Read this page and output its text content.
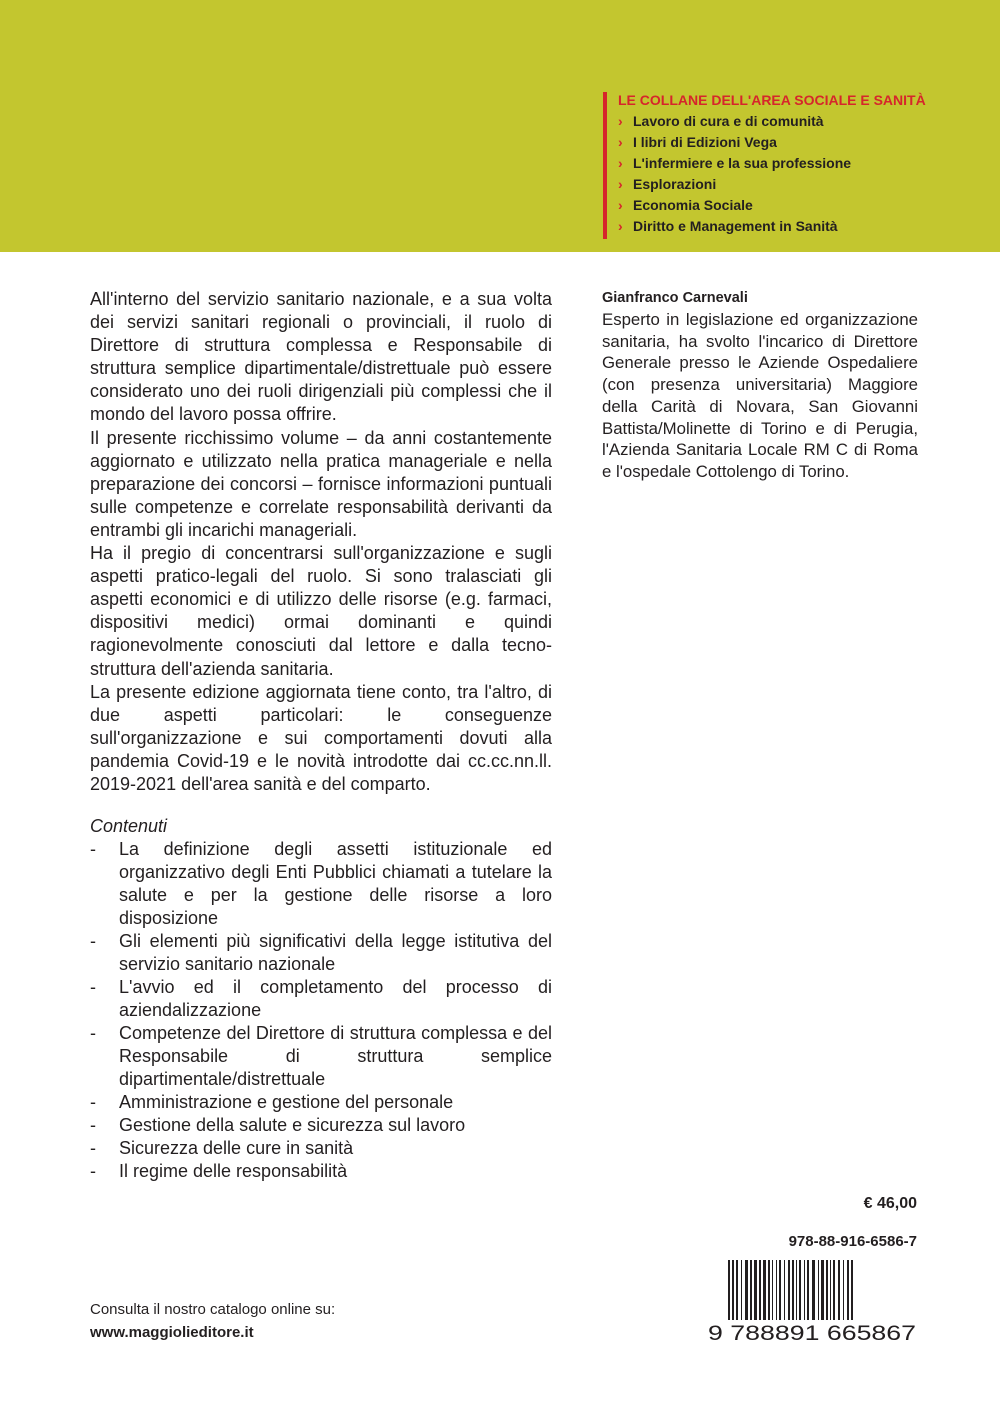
LE COLLANE DELL'AREA SOCIALE E SANITÀ
› Lavoro di cura e di comunità
› I libri di Edizioni Vega
› L'infermiere e la sua professione
› Esplorazioni
› Economia Sociale
› Diritto e Management in Sanità

All'interno del servizio sanitario nazionale, e a sua volta dei servizi sanitari regionali o provinciali, il ruolo di Direttore di struttura complessa e Responsabile di struttura semplice dipartimentale/distrettuale può essere considerato uno dei ruoli dirigenziali più complessi che il mondo del lavoro possa offrire.

Il presente ricchissimo volume – da anni costantemente aggiornato e utilizzato nella pratica manageriale e nella preparazione dei concorsi – fornisce informazioni puntuali sulle competenze e correlate responsabilità derivanti da entrambi gli incarichi manageriali.

Ha il pregio di concentrarsi sull'organizzazione e sugli aspetti pratico-legali del ruolo. Si sono tralasciati gli aspetti economici e di utilizzo delle risorse (e.g. farmaci, dispositivi medici) ormai dominanti e quindi ragionevolmente conosciuti dal lettore e dalla tecno-struttura dell'azienda sanitaria.

La presente edizione aggiornata tiene conto, tra l'altro, di due aspetti particolari: le conseguenze sull'organizzazione e sui comportamenti dovuti alla pandemia Covid-19 e le novità introdotte dai cc.cc.nn.ll. 2019-2021 dell'area sanità e del comparto.

Gianfranco Carnevali
Esperto in legislazione ed organizzazione sanitaria, ha svolto l'incarico di Direttore Generale presso le Aziende Ospedaliere (con presenza universitaria) Maggiore della Carità di Novara, San Giovanni Battista/Molinette di Torino e di Perugia, l'Azienda Sanitaria Locale RM C di Roma e l'ospedale Cottolengo di Torino.
Contenuti
- La definizione degli assetti istituzionale ed organizzativo degli Enti Pubblici chiamati a tutelare la salute e per la gestione delle risorse a loro disposizione
- Gli elementi più significativi della legge istitutiva del servizio sanitario nazionale
- L'avvio ed il completamento del processo di aziendalizzazione
- Competenze del Direttore di struttura complessa e del Responsabile di struttura semplice dipartimentale/distrettuale
- Amministrazione e gestione del personale
- Gestione della salute e sicurezza sul lavoro
- Sicurezza delle cure in sanità
- Il regime delle responsabilità
Consulta il nostro catalogo online su:
www.maggiolieditore.it
€ 46,00
978-88-916-6586-7
9 788891 665867
